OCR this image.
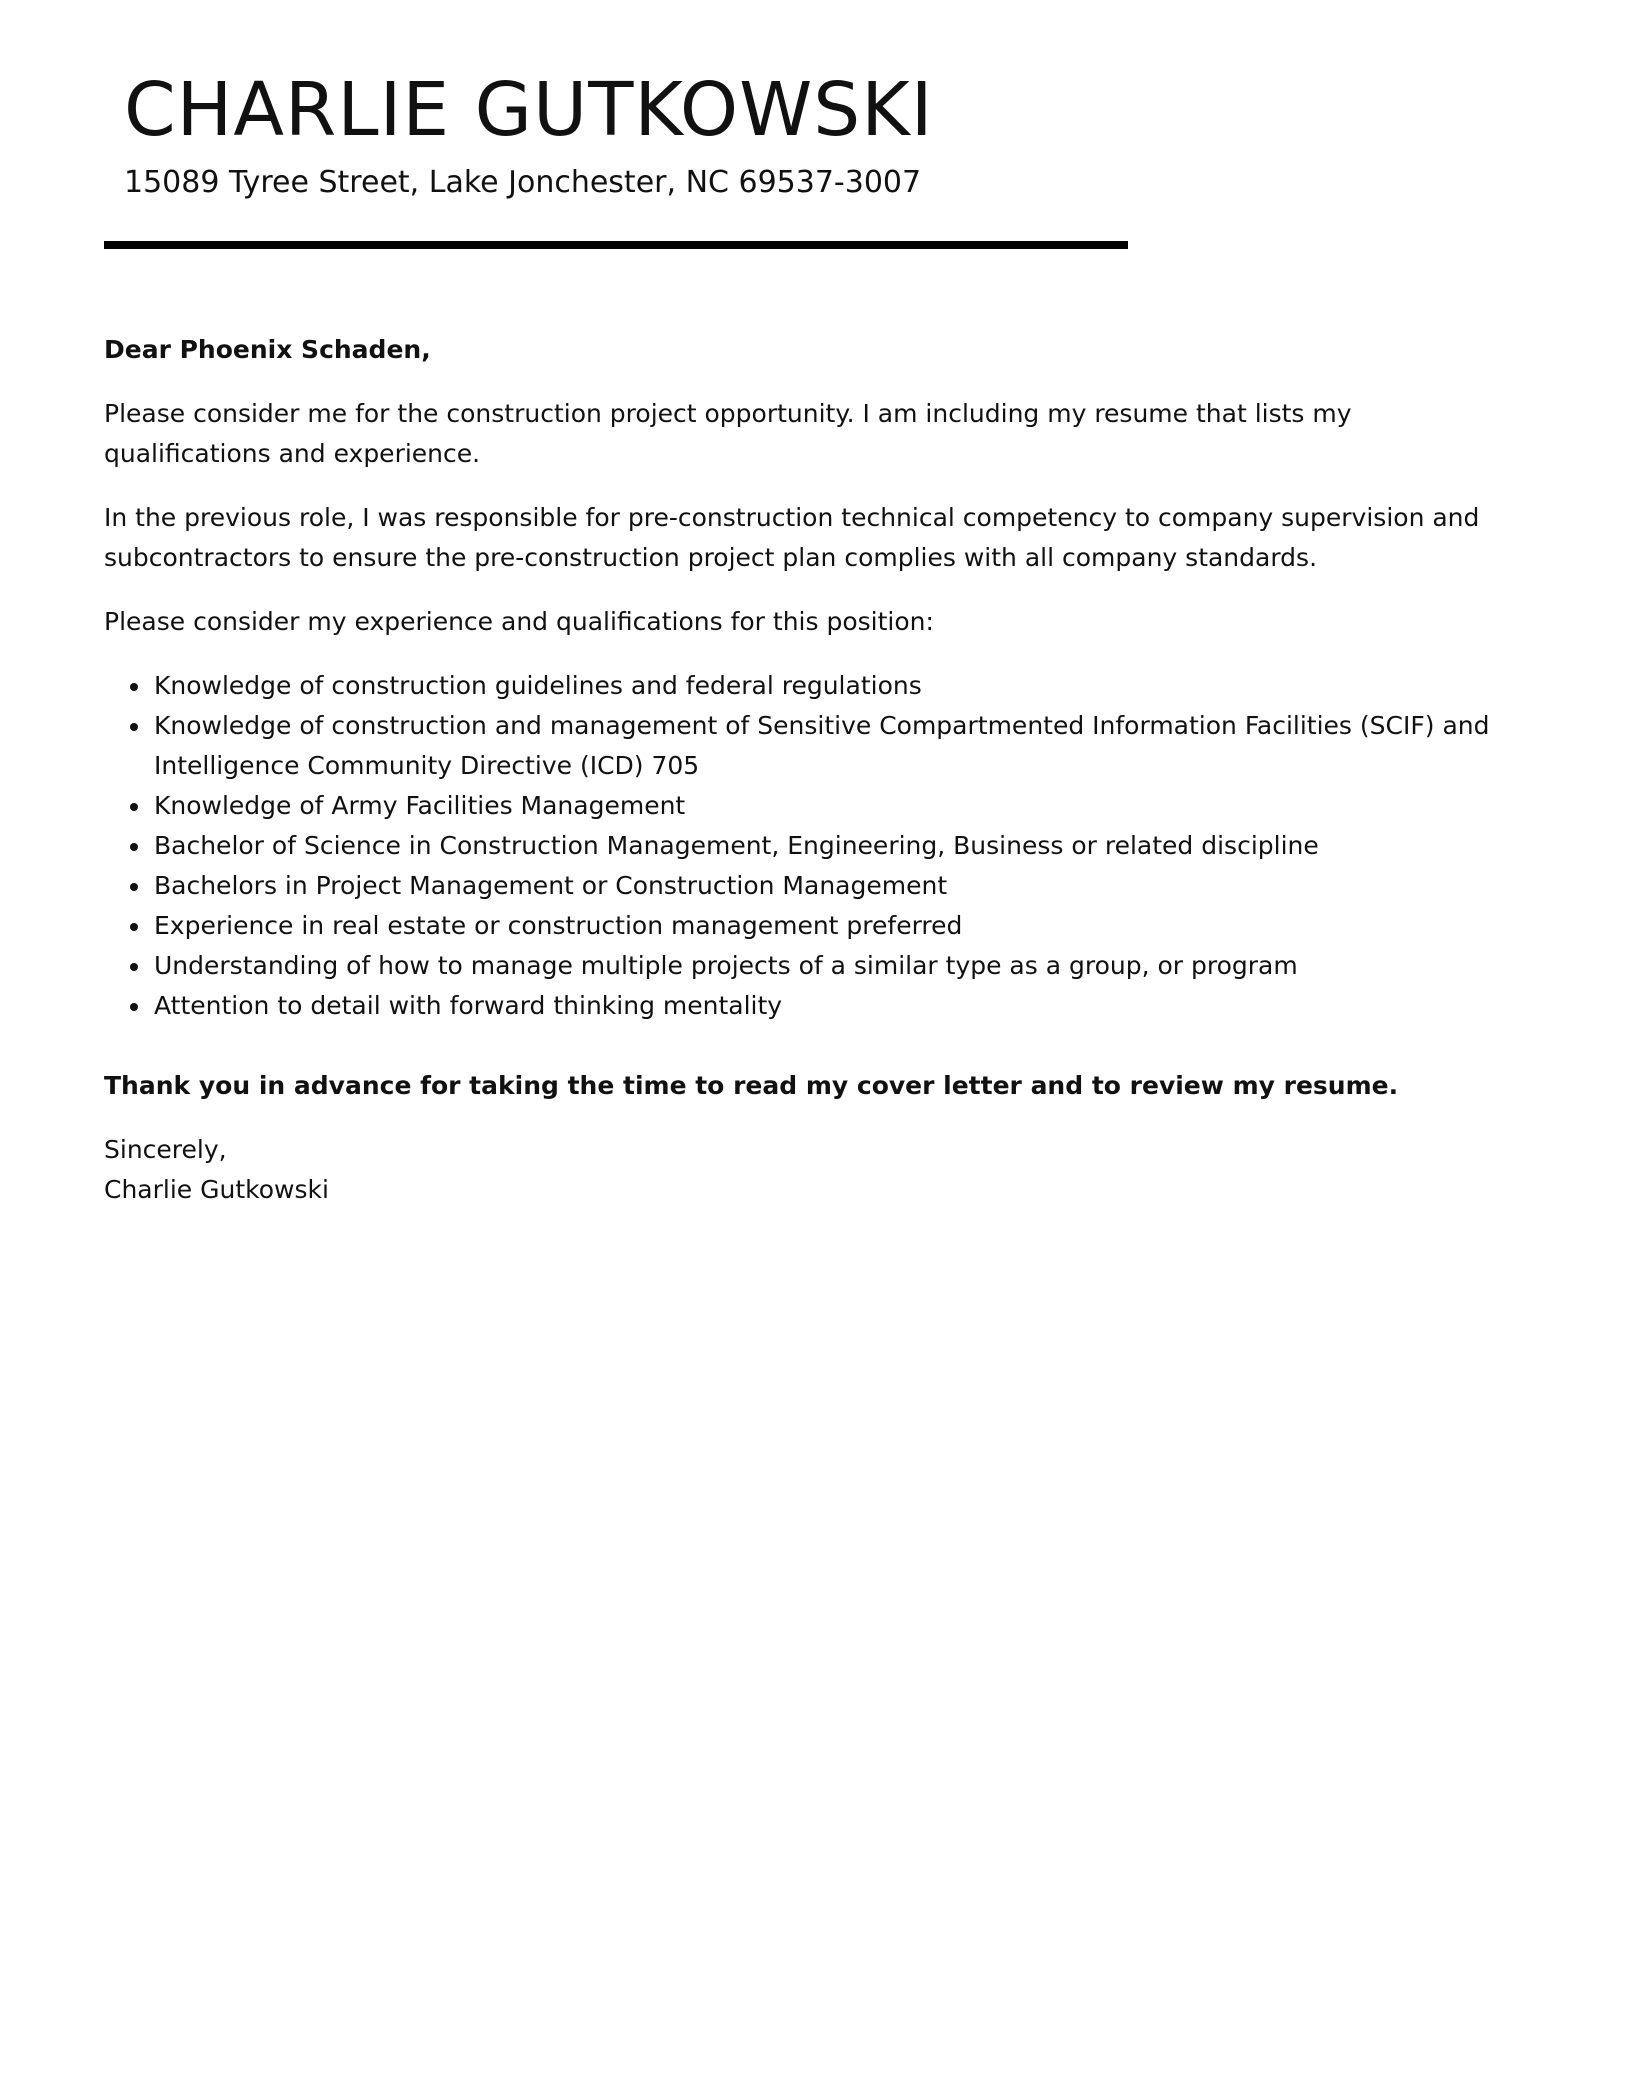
CHARLIE GUTKOWSKI
15089 Tyree Street, Lake Jonchester, NC 69537-3007

Dear Phoenix Schaden,

Please consider me for the construction project opportunity. I am including my resume that lists my qualifications and experience.

In the previous role, I was responsible for pre-construction technical competency to company supervision and subcontractors to ensure the pre-construction project plan complies with all company standards.

Please consider my experience and qualifications for this position:

• Knowledge of construction guidelines and federal regulations
• Knowledge of construction and management of Sensitive Compartmented Information Facilities (SCIF) and Intelligence Community Directive (ICD) 705
• Knowledge of Army Facilities Management
• Bachelor of Science in Construction Management, Engineering, Business or related discipline
• Bachelors in Project Management or Construction Management
• Experience in real estate or construction management preferred
• Understanding of how to manage multiple projects of a similar type as a group, or program
• Attention to detail with forward thinking mentality

Thank you in advance for taking the time to read my cover letter and to review my resume.

Sincerely,
Charlie Gutkowski
